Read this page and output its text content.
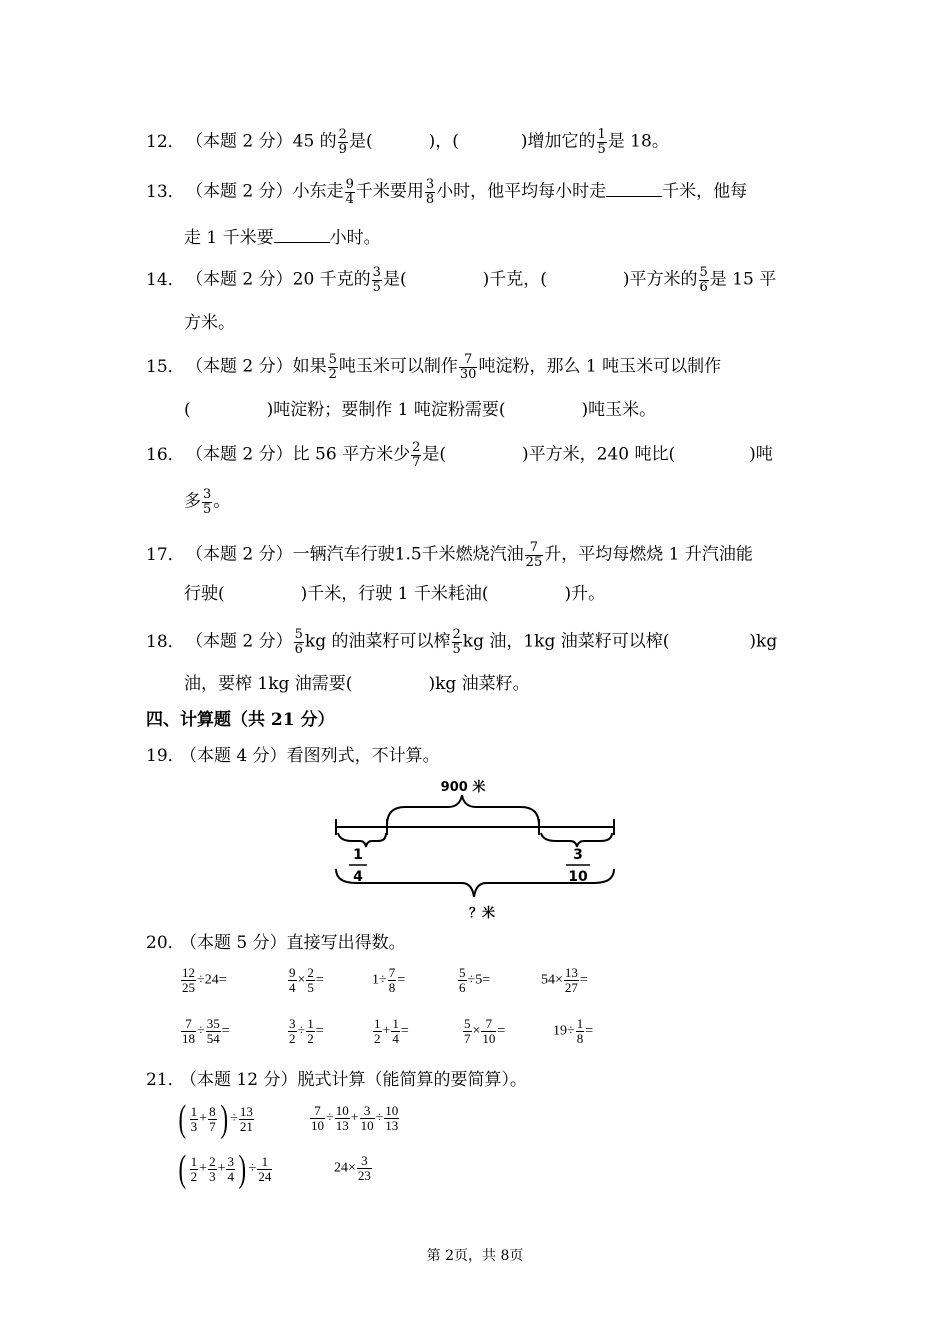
12．（本题 2 分）45 的 $\frac{2}{9}$ 是(	)，(	)增加它的 $\frac{1}{5}$ 是 18。
13．（本题 2 分）小东走 $\frac{9}{4}$ 千米要用 $\frac{3}{8}$ 小时，他平均每小时走	千米，他每
走 1 千米要	小时。
14．（本题 2 分）20 千克的 $\frac{3}{5}$ 是(	)千克，(	)平方米的 $\frac{5}{6}$ 是 15 平
方米。
15．（本题 2 分）如果 $\frac{5}{2}$ 吨玉米可以制作 $\frac{7}{30}$ 吨淀粉，那么 1 吨玉米可以制作
(	)吨淀粉；要制作 1 吨淀粉需要(	)吨玉米。
16．（本题 2 分）比 56 平方米少 $\frac{2}{7}$ 是(	)平方米，240 吨比(	)吨
多 $\frac{3}{5}$ 。
17．（本题 2 分）一辆汽车行驶1.5千米燃烧汽油 $\frac{7}{25}$ 升，平均每燃烧 1 升汽油能
行驶(	)千米，行驶 1 千米耗油(	)升。
18．（本题 2 分） $\frac{5}{6}$ kg 的油菜籽可以榨 $\frac{2}{5}$ kg 油，1kg 油菜籽可以榨(	)kg
油，要榨 1kg 油需要(	)kg 油菜籽。
四、计算题（共 21 分）
19．（本题 4 分）看图列式，不计算。
900 米
1
4
3
10
？米
20．（本题 5 分）直接写出得数。
$\frac{12}{25} \div 24=$	$\frac{9}{4} \times \frac{2}{5}$ =	$1\div \frac{7}{8}$ =	$\frac{5}{6} \div 5=$	$54\times \frac{13}{27}$ =
$\frac{7}{18} \div \frac{35}{54}$ =	$\frac{3}{2} \div \frac{1}{2}$ =	$\frac{1}{2} + \frac{1}{4}$ =	$\frac{5}{7} \times \frac{7}{10}$ =	$19\div \frac{1}{8}$ =
21．（本题 12 分）脱式计算（能简算的要简算）。
( $\frac{1}{3} + \frac{8}{7}$ ) ÷ $\frac{13}{21}$	$\frac{7}{10} \div \frac{10}{13} + \frac{3}{10} \div \frac{10}{13}$
( $\frac{1}{2} + \frac{2}{3} + \frac{3}{4}$ ) ÷ $\frac{1}{24}$	$24\times \frac{3}{23}$
第 2页，共 8页
